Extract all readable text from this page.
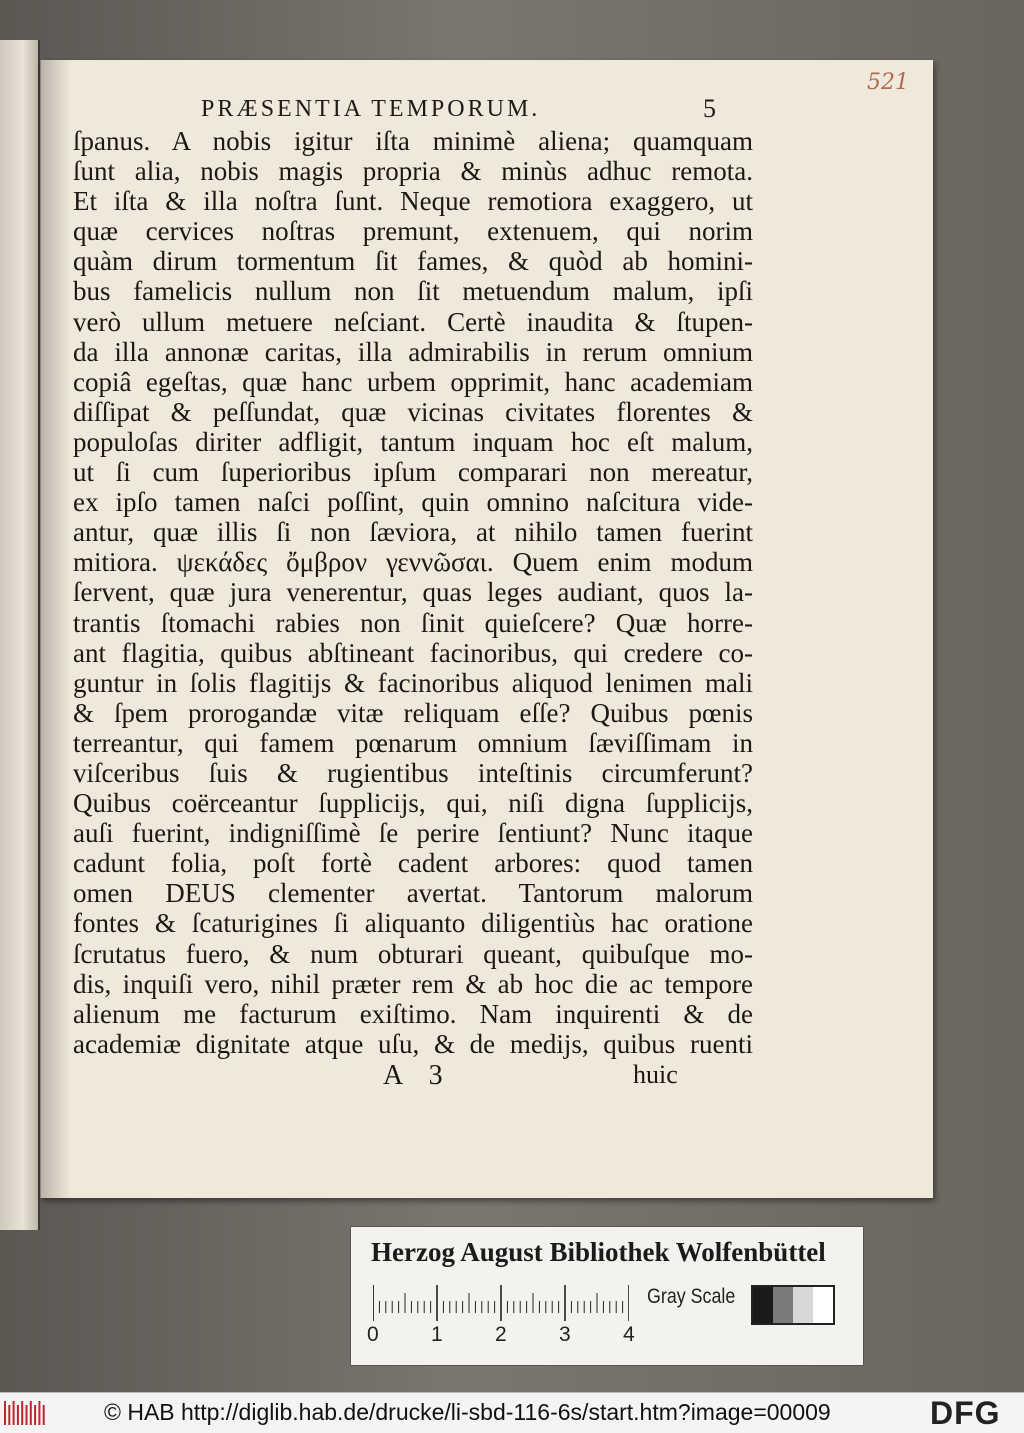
521
PRÆSENTIA TEMPORUM.	5
ſpanus. A nobis igitur iſta minimè aliena; quamquam
ſunt alia, nobis magis propria & minùs adhuc remota.
Et iſta & illa noſtra ſunt. Neque remotiora exaggero, ut
quæ cervices noſtras premunt, extenuem, qui norim
quàm dirum tormentum ſit fames, & quòd ab homini-
bus famelicis nullum non ſit metuendum malum, ipſi
verò ullum metuere neſciant. Certè inaudita & ſtupen-
da illa annonæ caritas, illa admirabilis in rerum omnium
copiâ egeſtas, quæ hanc urbem opprimit, hanc academiam
diſſipat & peſſundat, quæ vicinas civitates florentes &
populoſas diriter adfligit, tantum inquam hoc eſt malum,
ut ſi cum ſuperioribus ipſum comparari non mereatur,
ex ipſo tamen naſci poſſint, quin omnino naſcitura vide-
antur, quæ illis ſi non ſæviora, at nihilo tamen fuerint
mitiora. ψεκάδες ὄμβρον γεννῶσαι. Quem enim modum
ſervent, quæ jura venerentur, quas leges audiant, quos la-
trantis ſtomachi rabies non ſinit quieſcere? Quæ horre-
ant flagitia, quibus abſtineant facinoribus, qui credere co-
guntur in ſolis flagitijs & facinoribus aliquod lenimen mali
& ſpem prorogandæ vitæ reliquam eſſe? Quibus pœnis
terreantur, qui famem pœnarum omnium ſæviſſimam in
viſceribus ſuis & rugientibus inteſtinis circumferunt?
Quibus coërceantur ſupplicijs, qui, niſi digna ſupplicijs,
auſi fuerint, indigniſſimè ſe perire ſentiunt? Nunc itaque
cadunt folia, poſt fortè cadent arbores: quod tamen
omen DEUS clementer avertat. Tantorum malorum
fontes & ſcaturigines ſi aliquanto diligentiùs hac oratione
ſcrutatus fuero, & num obturari queant, quibuſque mo-
dis, inquiſi vero, nihil præter rem & ab hoc die ac tempore
alienum me facturum exiſtimo. Nam inquirenti & de
academiæ dignitate atque uſu, & de medijs, quibus ruenti
A 3	huic
Herzog August Bibliothek Wolfenbüttel
0 1 2 3 4
Gray Scale
© HAB http://diglib.hab.de/drucke/li-sbd-116-6s/start.htm?image=00009	DFG
